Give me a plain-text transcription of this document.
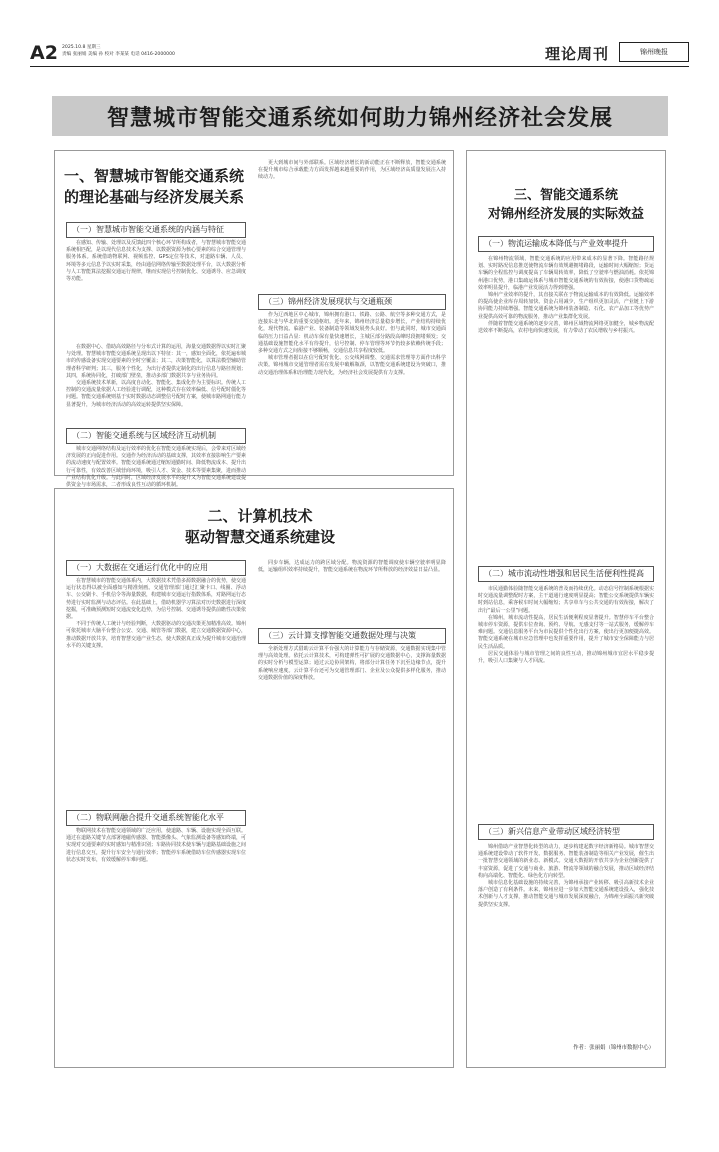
A2 2025.10.8 星期三
责编 张丽娟 美编 孙 校对 李某某 电话 0416-2000000	理论周刊	锦州晚报
智慧城市智能交通系统如何助力锦州经济社会发展
一、智慧城市智能交通系统
的理论基础与经济发展关系
（一）智慧城市智能交通系统的内涵与特征

在感知、传输、处理以及反馈此四个核心环节所构成者，与智慧城市智能交通系统相匹配，是以现代信息技术为支撑、以数据资源为核心要素的综合交通管理与服务体系。系统借助物联网、视频监控、GPS定位等技术，对道路车辆、人员、环境等多元信息予以实时采集，经由通信网络传输至数据处理平台，以大数据分析与人工智能算法挖掘交通运行规律，继而实现信号控制优化、交通诱导、应急调度等功能。

在数据中心、借助高效路径与分布式计算的运用，海量交通数据得以实时汇聚与处理。智慧城市智能交通系统呈现出以下特征：其一，感知全面化，依托遍布城市的传感设备实现交通要素的全时空覆盖；其二，决策智能化，以算法模型辅助管理者科学研判；其三，服务个性化，为出行者提供定制化的出行信息与路径规划；其四，系统协同化，打破部门壁垒，推动多部门数据共享与业务协同。

交通系统技术革新，以高度自动化、智能化、集成化作为主要标识。传统人工控制的交通流量依据人工经验进行调配，这种模式存在效率偏低、信号配时僵化等问题。智能交通系统则基于实时数据动态调整信号配时方案，使城市路网通行能力显著提升，为城市经济活动的高效运转提供坚实保障。

（二）智能交通系统与区域经济互动机制

城市交通网络结构及运行效率的优化在智能交通系统实现后，会带来对区域经济发展的正向促进作用。交通作为经济活动的基础支撑，其效率直接影响生产要素的流动速度与配置效率。智能交通系统通过缩短通勤时间、降低物流成本、提升出行可靠性，有效改善区域营商环境，吸引人才、资金、技术等要素集聚，进而推动产业结构优化升级。与此同时，区域经济发展水平的提升又为智能交通系统建设提供资金与市场需求，二者形成良性互动的循环机制。

更大到城市间与外部联系。区域经济增长的新动能正在不断释放，智能交通系统在提升城市综合承载能力方面发挥越来越重要的作用，为区域经济高质量发展注入持续动力。

（三）锦州经济发展现状与交通瓶颈

作为辽西地区中心城市，锦州拥有港口、铁路、公路、航空等多种交通方式，是连接东北与华北的重要交通枢纽。近年来，锦州经济总量稳步增长，产业结构持续优化，现代物流、临港产业、装备制造等领域发展势头良好。但与此同时，城市交通面临的压力日益凸显：机动车保有量快速增长，主城区部分路段高峰时段拥堵频发；交通基础设施智能化水平有待提升，信号控制、停车管理等环节仍较多依赖传统手段；多种交通方式之间衔接不够顺畅，交通信息共享程度较低。

城市管理者据以在信号配时优化、公交线网调整、交通需求管理等方面作出科学决策。锦州城市交通管理者需在发展中破解瓶颈，以智能交通系统建设为突破口，推动交通治理体系和治理能力现代化，为经济社会发展提供有力支撑。

二、计算机技术
驱动智慧交通系统建设
（一）大数据在交通运行优化中的应用

在智慧城市的智能交通体系内，大数据技术凭借多源数据融合的优势，使交通运行状态得以被全面感知与精准刻画。交通管理部门通过汇聚卡口、线圈、浮动车、公交刷卡、手机信令等海量数据，构建城市交通运行指数体系，对路网运行态势进行实时监测与动态评估。在此基础上，借助机器学习算法对历史数据进行深度挖掘，可准确预测短时交通流变化趋势，为信号控制、交通诱导提供前瞻性决策依据。

不同于传统人工统计与经验判断，大数据驱动的交通决策更加精准高效。锦州可依托城市大脑平台整合公安、交通、城管等部门数据，建立交通数据资源中心，推动数据开放共享，培育智慧交通产业生态，使大数据真正成为提升城市交通治理水平的关键支撑。

（二）物联网融合提升交通系统智能化水平

物联网技术在智能交通领域的广泛应用，使道路、车辆、设施实现全面互联。通过在道路关键节点部署地磁传感器、智能摄像头、气象监测设备等感知终端，可实现对交通要素的实时感知与精准识别；车路协同技术使车辆与道路基础设施之间进行信息交互，提升行车安全与通行效率；智能停车系统借助车位传感器实现车位状态实时发布，有效缓解停车难问题。

同步车辆，达成运力的跨区域分配。物流资源的智能调度使车辆空驶率明显降低，运输组织效率持续提升，智能交通系统在物流环节所释放的经济效益日益凸显。

（三）云计算支撑智能交通数据处理与决策

全新处理方式借助云计算平台强大的计算能力与存储资源，交通数据实现集中管理与高效处理。依托云计算技术，可构建弹性可扩展的交通数据中心，支撑海量数据的实时分析与模型运算；通过云边协同架构，将部分计算任务下沉至边缘节点，提升系统响应速度。云计算平台还可为交通管理部门、企业及公众提供多样化服务，推动交通数据价值的深度释放。

三、智能交通系统
对锦州经济发展的实际效益
（一）物流运输成本降低与产业效率提升

在锦州物流领域，智能交通系统的应用带来成本的显著下降。智能路径规划、实时路况信息推送使物流车辆有效规避拥堵路段，运输时间大幅缩短；货运车辆的全程监控与调度提高了车辆周转效率，降低了空驶率与燃油消耗。依托锦州港口优势，港口集疏运体系与城市智能交通系统的有效衔接，使港口货物疏运效率明显提升，临港产业发展活力得到增强。

锦州产业效率的提升，其直接关联在于物流运输成本的有效降低。运输效率的提高使企业库存周转加快、资金占用减少，生产组织更加灵活，产业链上下游协同能力持续增强。智能交通系统为锦州装备制造、石化、农产品加工等优势产业提供高效可靠的物流服务，推动产业集群化发展。

伴随着智能交通系统的逐步完善，锦州区域物流网络更加健全，城乡物流配送效率不断提高，农村电商快速发展，有力带动了农民增收与乡村振兴。

（二）城市流动性增强和居民生活便利性提高

市民通勤体验随智能交通系统的普及而持续优化。动态信号控制系统根据实时交通流量调整配时方案，主干道通行速度明显提高；智能公交系统提供车辆实时到站信息，乘客候车时间大幅缩短；共享单车与公共交通的有效衔接，解决了出行“最后一公里”问题。

在锦州，城市流动性提高，居民生活便利程度显著提升。智慧停车平台整合城市停车资源，提供车位查询、预约、导航、无感支付等一站式服务，缓解停车难问题。交通信息服务平台为市民提供个性化出行方案，使出行更加便捷高效。智能交通系统在城市应急管理中也发挥重要作用，提升了城市安全保障能力与居民生活品质。

居民交通体验与城市管理之间的良性互动，推动锦州城市宜居水平稳步提升，吸引人口集聚与人才回流。

（三）新兴信息产业带动区域经济转型

锦州借助产业智慧化转型的动力，逐步构建起数字经济新格局。城市智慧交通系统建设带动了软件开发、数据服务、智能装备制造等相关产业发展，催生出一批智慧交通领域的新业态、新模式。交通大数据的开放共享为企业创新提供了丰富资源，促进了交通与商业、旅游、物流等领域的融合发展，推动区域经济结构向高端化、智能化、绿色化方向转型。

城市信息化基础设施的持续完善，为锦州承接产业转移、吸引高新技术企业落户创造了有利条件。未来，锦州应进一步加大智能交通系统建设投入，强化技术创新与人才支撑，推动智能交通与城市发展深度融合，为锦州全面振兴新突破提供坚实支撑。

作者：张丽娟（锦州市数据中心）
